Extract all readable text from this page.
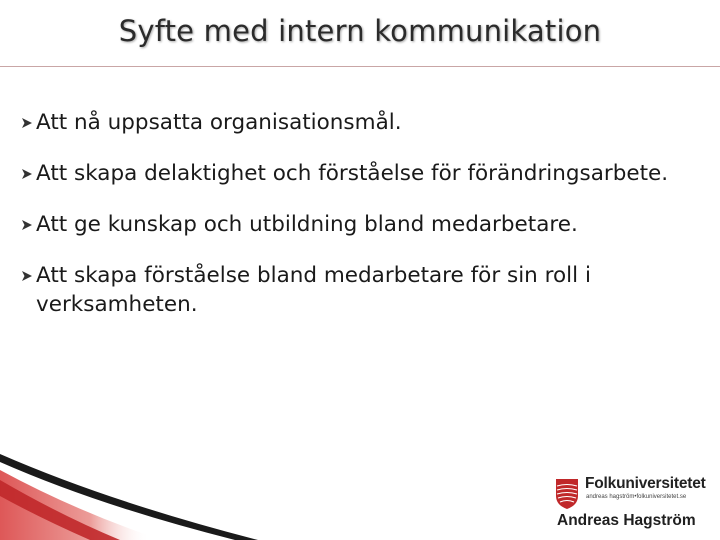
Syfte med intern kommunikation
Att nå uppsatta organisationsmål.
Att skapa delaktighet och förståelse för förändringsarbete.
Att ge kunskap och utbildning bland medarbetare.
Att skapa förståelse bland medarbetare för sin roll i verksamheten.
Folkuniversitetet
andreas hagström•folkuniversitetet.se
Andreas Hagström
